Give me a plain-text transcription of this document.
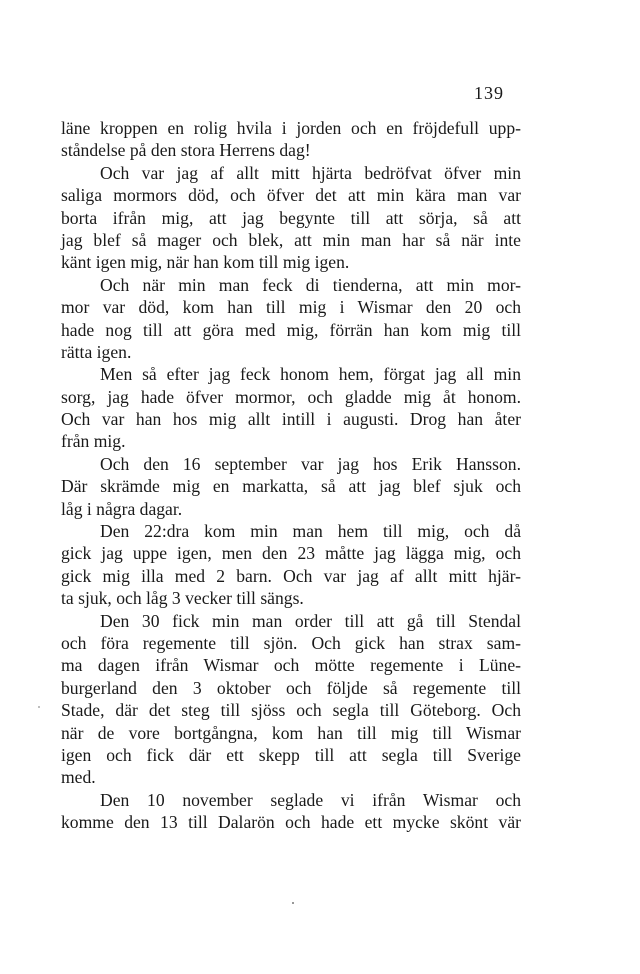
139
läne kroppen en rolig hvila i jorden och en fröjdefull upp-
ståndelse på den stora Herrens dag!
Och var jag af allt mitt hjärta bedröfvat öfver min
saliga mormors död, och öfver det att min kära man var
borta ifrån mig, att jag begynte till att sörja, så att
jag blef så mager och blek, att min man har så när inte
känt igen mig, när han kom till mig igen.
Och när min man feck di tienderna, att min mor-
mor var död, kom han till mig i Wismar den 20 och
hade nog till att göra med mig, förrän han kom mig till
rätta igen.
Men så efter jag feck honom hem, förgat jag all min
sorg, jag hade öfver mormor, och gladde mig åt honom.
Och var han hos mig allt intill i augusti. Drog han åter
från mig.
Och den 16 september var jag hos Erik Hansson.
Där skrämde mig en markatta, så att jag blef sjuk och
låg i några dagar.
Den 22:dra kom min man hem till mig, och då
gick jag uppe igen, men den 23 måtte jag lägga mig, och
gick mig illa med 2 barn. Och var jag af allt mitt hjär-
ta sjuk, och låg 3 vecker till sängs.
Den 30 fick min man order till att gå till Stendal
och föra regemente till sjön. Och gick han strax sam-
ma dagen ifrån Wismar och mötte regemente i Lüne-
burgerland den 3 oktober och följde så regemente till
Stade, där det steg till sjöss och segla till Göteborg. Och
när de vore bortgångna, kom han till mig till Wismar
igen och fick där ett skepp till att segla till Sverige
med.
Den 10 november seglade vi ifrån Wismar och
komme den 13 till Dalarön och hade ett mycke skönt vär
